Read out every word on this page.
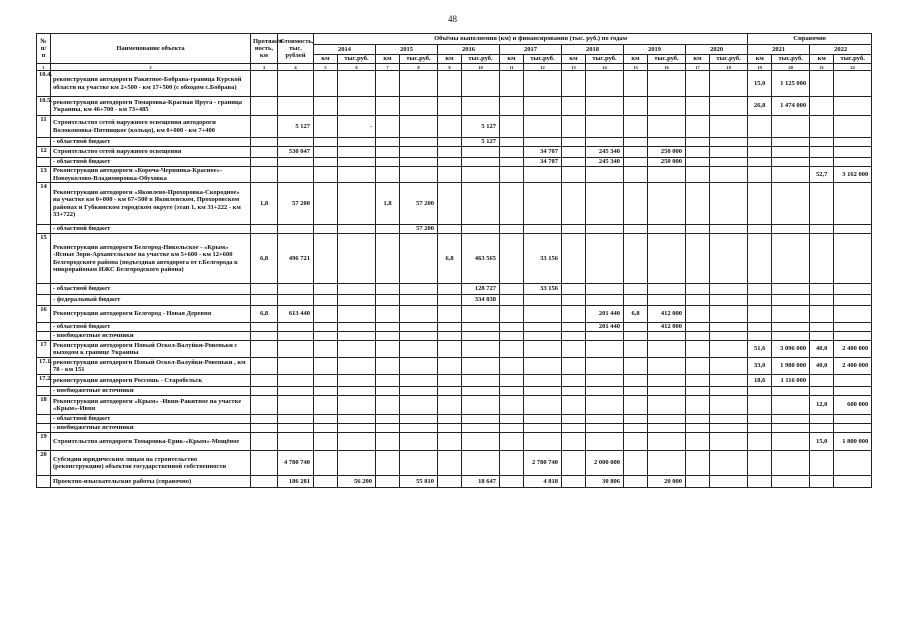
48
№ п/п	Наименование объекта	Протяжён-ность, км	Стоимость, тыс. рублей	Объёмы выполнения (км) и финансирования (тыс. руб.) по годам														Справочно			
				2014		2015		2016		2017		2018		2019		2020		2021		2022	
				км	тыс.руб.	км	тыс.руб.	км	тыс.руб.	км	тыс.руб.	км	тыс.руб.	км	тыс.руб.	км	тыс.руб.	км	тыс.руб.	км	тыс.руб.
1	2	3	4	5	6	7	8	9	10	11	12	13	14	15	16	17	18	19	20	21	22
10.4.	реконструкция автодороги Ракитное-Бобрава-граница Курской области на участке км 2+500 - км 17+500 (с обходом с.Бобрава)																	15,0	1 125 000		
10.5.	реконструкция автодороги Томаровка-Красная Яруга - граница Украины, км 46+700 - км 73+485																	26,8	1 474 000		
11	Строительство сетей наружного освещения автодороги Волоконовка-Пятницкое (кольцо), км 0+000 - км 7+400		5 127		-				5 127												
	- областной бюджет								5 127												
12	Строительство сетей наружного освещения		530 047								34 707		245 340		250 000						
	- областной бюджет										34 707		245 340		250 000						
13	Реконструкция автодороги «Короча-Чернянка-Красное»-Новоуколово-Владимировка-Обуховка																			52,7	3 162 000
14	Реконструкция автодороги «Яковлево-Прохоровка-Скородное» на участке км 0+000 - км 67+500 в Яковлевском, Прохоровском районах и Губкинском городском округе (этап 1, км 31+222 - км 33+722)	1,8	57 200			1,8	57 200														
	- областной бюджет						57 200														
15	Реконструкция автодороги Белгород-Никольское - «Крым» -Ясные Зори-Архангельское на участке км 5+600 - км 12+600 Белгородского района (подъездная автодорога от г.Белгорода к микрорайонам ИЖС Белгородского района)	6,8	496 721					6,8	463 565		33 156										
	- областной бюджет								128 727		33 156										
	- федеральный бюджет								334 838												
16	Реконструкция автодороги Белгород - Новая Деревня	6,8	613 440										201 440	6,8	412 000						
	- областной бюджет												201 440		412 000						
	- внебюджетные источники																				
17	Реконструкция автодороги Новый Оскол-Валуйки-Ровеньки с выходом к границе Украины																	51,6	3 096 000	40,0	2 400 000
17.1.	реконструкция автодороги Новый Оскол-Валуйки-Ровеньки , км 78 - км 151																	33,0	1 980 000	40,0	2 400 000
17.2.	реконструкция автодороги Россошь - Старобельск																	18,6	1 116 000		
	- внебюджетные источники																				
18	Реконструкция автодороги «Крым» -Ивня-Ракитное на участке «Крым»-Ивня																			12,0	600 000
	- областной бюджет																				
	- внебюджетные источники																				
19	Строительство автодороги Томаровка-Ерик-«Крым»-Мощёное																			15,0	1 800 000
20	Субсидии юридическим лицам на строительство (реконструкцию) объектов государственной собственности		4 780 740								2 780 740		2 000 000								
	Проектно-изыскательские работы (справочно)		186 281		56 200		55 810		18 647		4 818		30 806		20 000						
